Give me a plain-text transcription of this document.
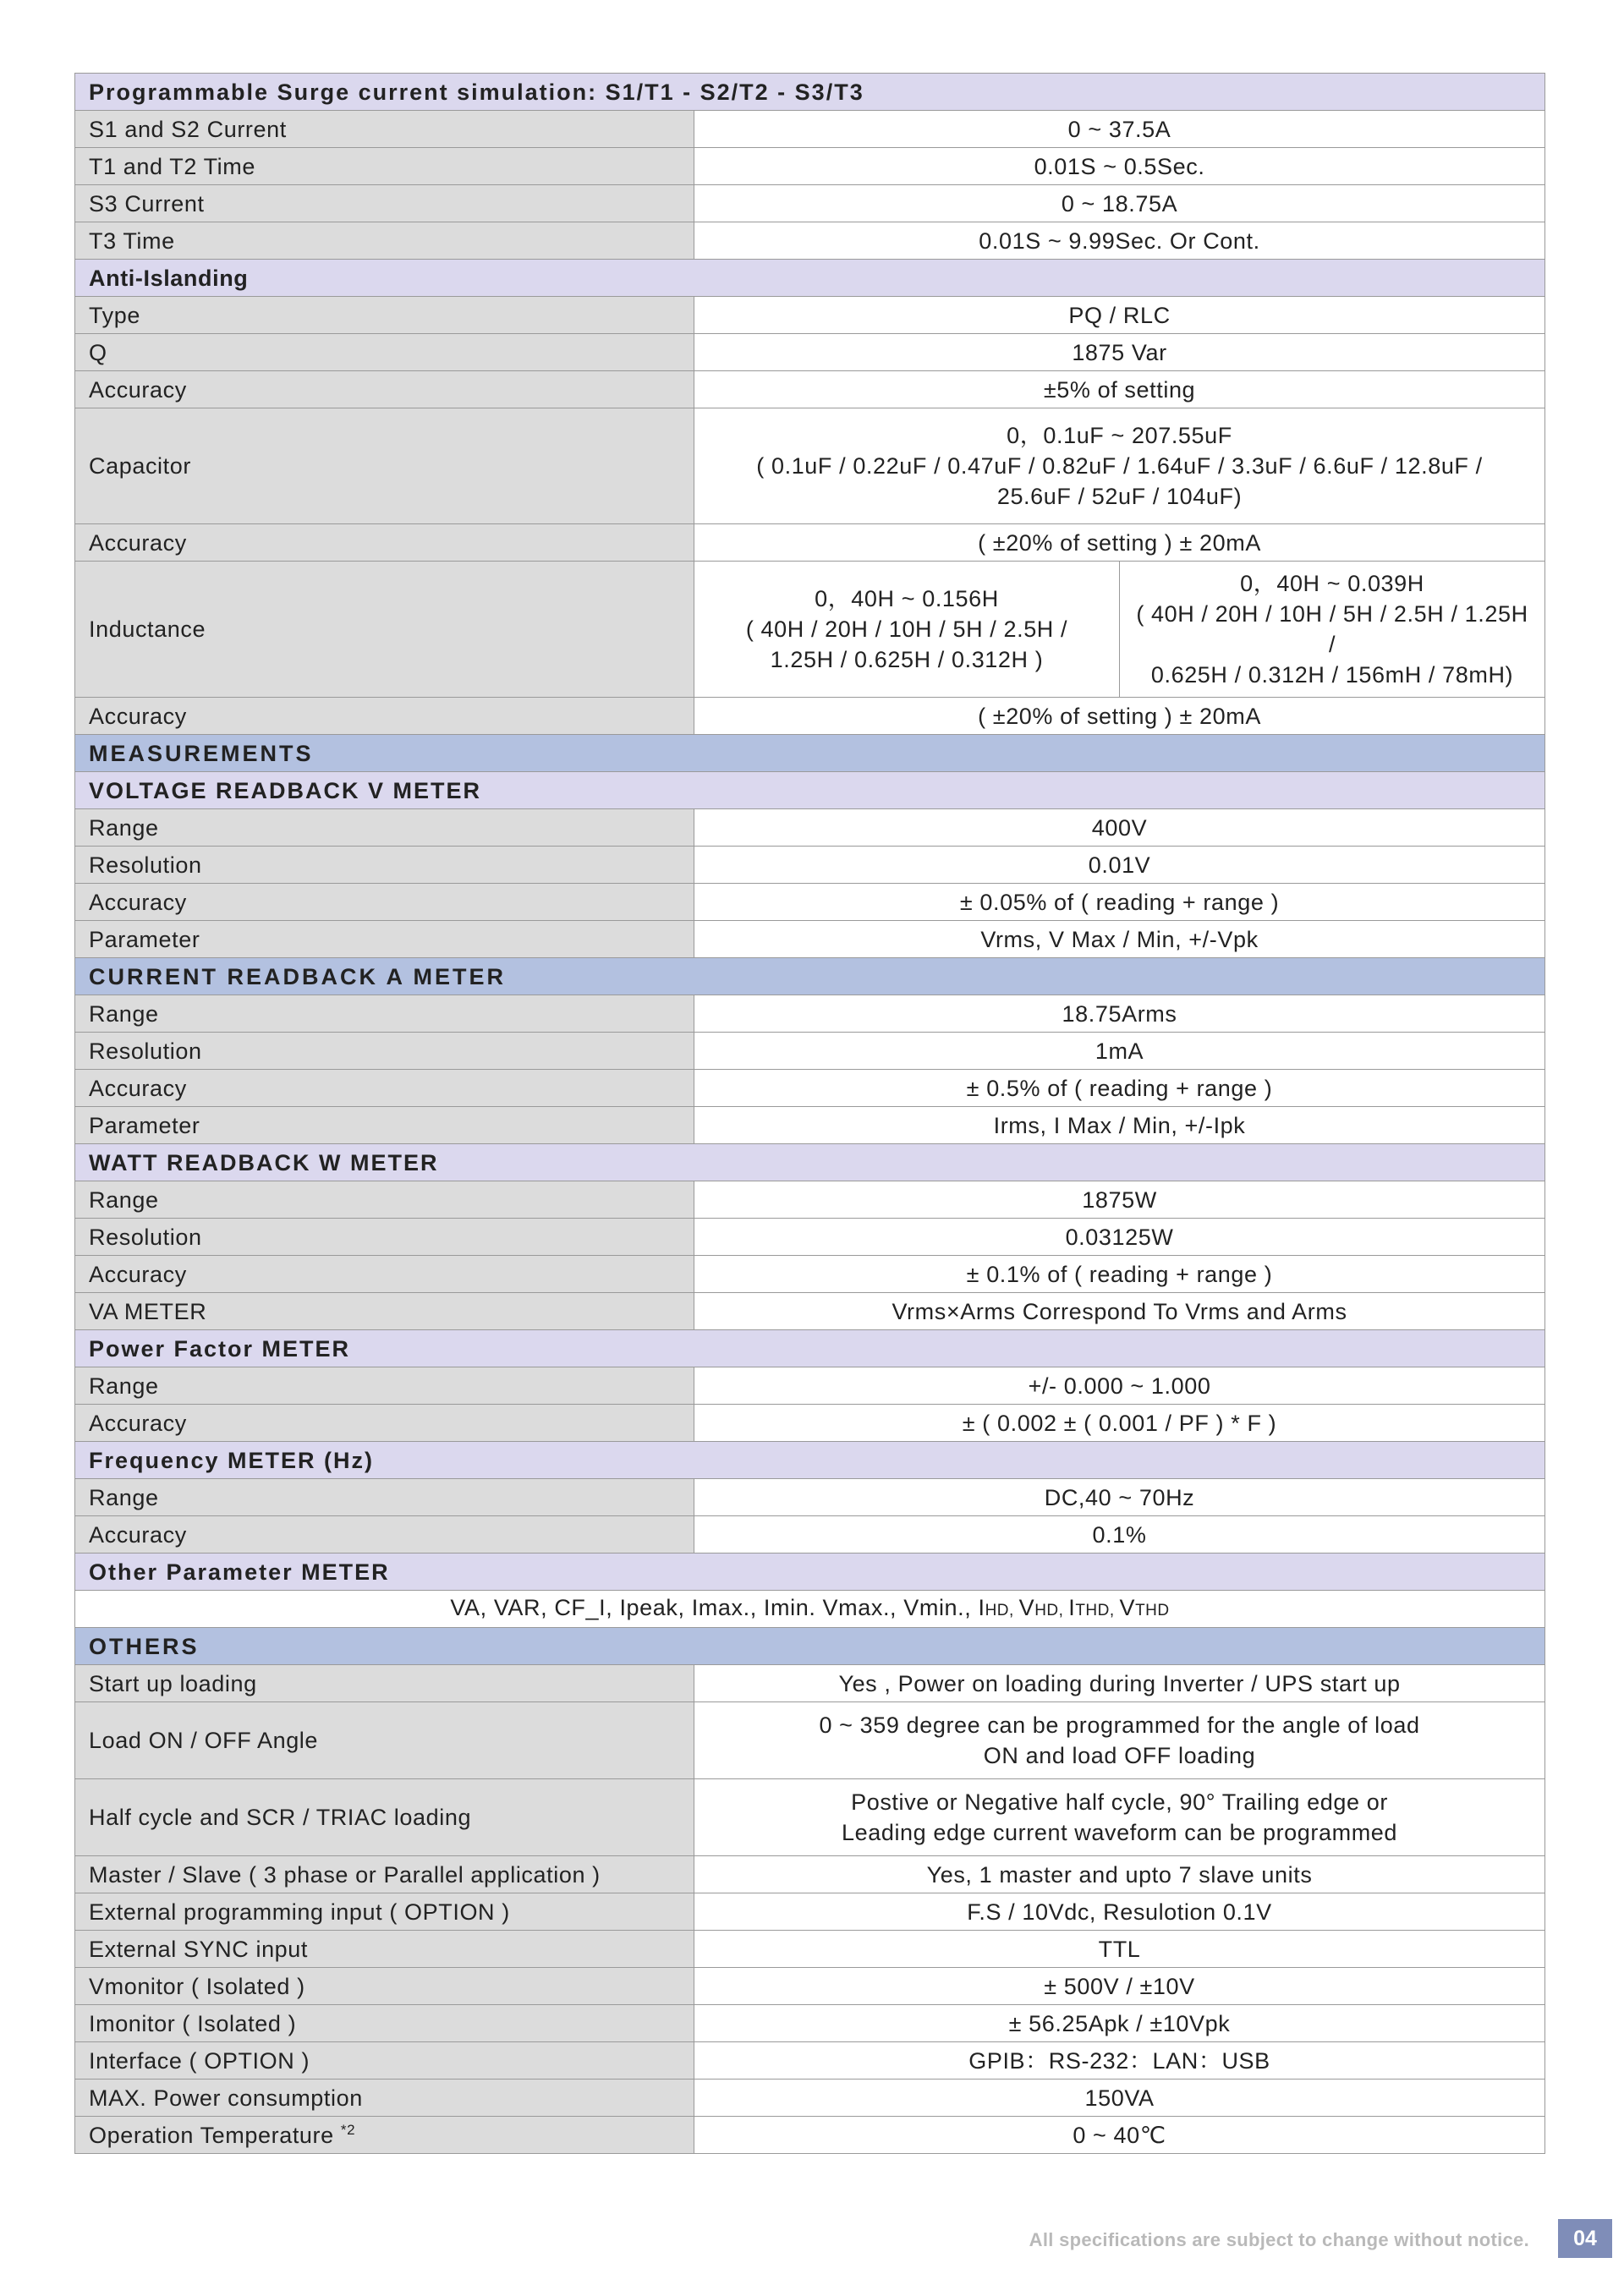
Programmable Surge current simulation: S1/T1 - S2/T2 - S3/T3		
S1 and S2 Current	0 ~ 37.5A	
T1 and T2 Time	0.01S ~ 0.5Sec.	
S3 Current	0 ~ 18.75A	
T3 Time	0.01S ~ 9.99Sec. Or Cont.	
Anti-Islanding		
Type	PQ / RLC	
Q	1875 Var	
Accuracy	±5% of setting	
Capacitor	0，0.1uF ~ 207.55uF
( 0.1uF / 0.22uF / 0.47uF / 0.82uF / 1.64uF / 3.3uF / 6.6uF / 12.8uF /
25.6uF / 52uF / 104uF)	
Accuracy	( ±20% of setting ) ± 20mA	
Inductance	0，40H ~ 0.156H
( 40H / 20H / 10H / 5H / 2.5H /
1.25H / 0.625H / 0.312H )	0，40H ~ 0.039H
( 40H / 20H / 10H / 5H / 2.5H / 1.25H /
0.625H / 0.312H / 156mH / 78mH)
Accuracy	( ±20% of setting ) ± 20mA	
MEASUREMENTS		
VOLTAGE READBACK V METER		
Range	400V	
Resolution	0.01V	
Accuracy	± 0.05% of ( reading + range )	
Parameter	Vrms, V Max / Min, +/-Vpk	
CURRENT READBACK A METER		
Range	18.75Arms	
Resolution	1mA	
Accuracy	± 0.5% of ( reading + range )	
Parameter	Irms, I Max / Min, +/-Ipk	
WATT READBACK W METER		
Range	1875W	
Resolution	0.03125W	
Accuracy	± 0.1% of ( reading + range )	
VA METER	Vrms×Arms Correspond To Vrms and Arms	
Power Factor METER		
Range	+/- 0.000 ~ 1.000	
Accuracy	± ( 0.002 ± ( 0.001 / PF ) * F )	
Frequency METER (Hz)		
Range	DC,40 ~ 70Hz	
Accuracy	0.1%	
Other Parameter METER		
VA, VAR, CF_I, Ipeak, Imax., Imin. Vmax., Vmin., IHD, VHD, ITHD, VTHD		
OTHERS		
Start up loading	Yes , Power on loading during Inverter / UPS start up	
Load ON / OFF Angle	0 ~ 359 degree can be programmed for the angle of load
ON and load OFF loading	
Half cycle and SCR / TRIAC loading	Postive or Negative half cycle, 90° Trailing edge or
Leading edge current waveform can be programmed	
Master / Slave ( 3 phase or Parallel application )	Yes, 1 master and upto 7 slave units	
External programming input ( OPTION )	F.S / 10Vdc, Resulotion 0.1V	
External SYNC input	TTL	
Vmonitor ( Isolated )	± 500V / ±10V	
Imonitor ( Isolated )	± 56.25Apk / ±10Vpk	
Interface ( OPTION )	GPIB：RS-232：LAN：USB	
MAX. Power consumption	150VA	
Operation Temperature $^{*2}$	0 ~ 40℃	
All specifications are subject to change without notice.	04
